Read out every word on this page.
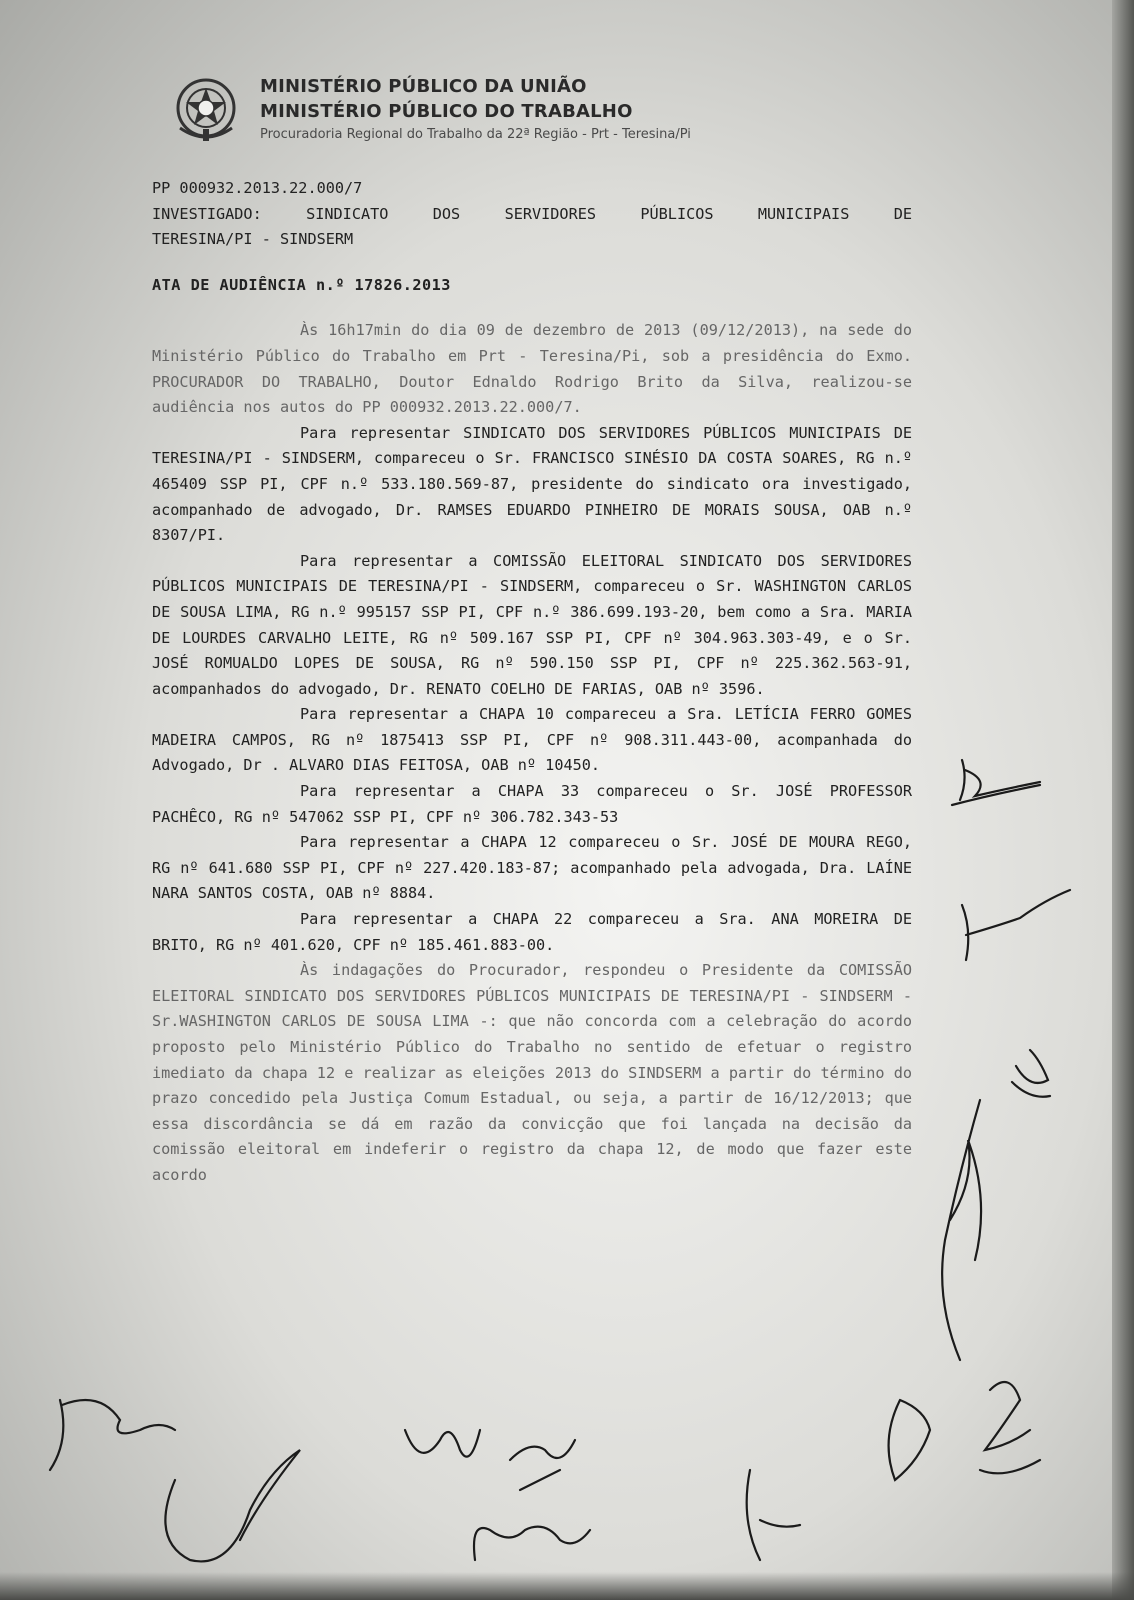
MINISTÉRIO PÚBLICO DA UNIÃO
MINISTÉRIO PÚBLICO DO TRABALHO
Procuradoria Regional do Trabalho da 22ª Região - Prt - Teresina/Pi

PP 000932.2013.22.000/7

INVESTIGADO: SINDICATO DOS SERVIDORES PÚBLICOS MUNICIPAIS DE

TERESINA/PI - SINDSERM

ATA DE AUDIÊNCIA n.º 17826.2013

Às 16h17min do dia 09 de dezembro de 2013 (09/12/2013), na sede do Ministério Público do Trabalho em Prt - Teresina/Pi, sob a presidência do Exmo. PROCURADOR DO TRABALHO, Doutor Ednaldo Rodrigo Brito da Silva, realizou-se audiência nos autos do PP 000932.2013.22.000/7.

Para representar SINDICATO DOS SERVIDORES PÚBLICOS MUNICIPAIS DE TERESINA/PI - SINDSERM, compareceu o Sr. FRANCISCO SINÉSIO DA COSTA SOARES, RG n.º 465409 SSP PI, CPF n.º 533.180.569-87, presidente do sindicato ora investigado, acompanhado de advogado, Dr. RAMSES EDUARDO PINHEIRO DE MORAIS SOUSA, OAB n.º 8307/PI.

Para representar a COMISSÃO ELEITORAL SINDICATO DOS SERVIDORES PÚBLICOS MUNICIPAIS DE TERESINA/PI - SINDSERM, compareceu o Sr. WASHINGTON CARLOS DE SOUSA LIMA, RG n.º 995157 SSP PI, CPF n.º 386.699.193-20, bem como a Sra. MARIA DE LOURDES CARVALHO LEITE, RG nº 509.167 SSP PI, CPF nº 304.963.303-49, e o Sr. JOSÉ ROMUALDO LOPES DE SOUSA, RG nº 590.150 SSP PI, CPF nº 225.362.563-91, acompanhados do advogado, Dr. RENATO COELHO DE FARIAS, OAB nº 3596.

Para representar a CHAPA 10 compareceu a Sra. LETÍCIA FERRO GOMES MADEIRA CAMPOS, RG nº 1875413 SSP PI, CPF nº 908.311.443-00, acompanhada do Advogado, Dr . ALVARO DIAS FEITOSA, OAB nº 10450.

Para representar a CHAPA 33 compareceu o Sr. JOSÉ PROFESSOR PACHÊCO, RG nº 547062 SSP PI, CPF nº 306.782.343-53

Para representar a CHAPA 12 compareceu o Sr. JOSÉ DE MOURA REGO, RG nº 641.680 SSP PI, CPF nº 227.420.183-87; acompanhado pela advogada, Dra. LAÍNE NARA SANTOS COSTA, OAB nº 8884.

Para representar a CHAPA 22 compareceu a Sra. ANA MOREIRA DE BRITO, RG nº 401.620, CPF nº 185.461.883-00.

Às indagações do Procurador, respondeu o Presidente da COMISSÃO ELEITORAL SINDICATO DOS SERVIDORES PÚBLICOS MUNICIPAIS DE TERESINA/PI - SINDSERM - Sr.WASHINGTON CARLOS DE SOUSA LIMA -: que não concorda com a celebração do acordo proposto pelo Ministério Público do Trabalho no sentido de efetuar o registro imediato da chapa 12 e realizar as eleições 2013 do SINDSERM a partir do término do prazo concedido pela Justiça Comum Estadual, ou seja, a partir de 16/12/2013; que essa discordância se dá em razão da convicção que foi lançada na decisão da comissão eleitoral em indeferir o registro da chapa 12, de modo que fazer este acordo
